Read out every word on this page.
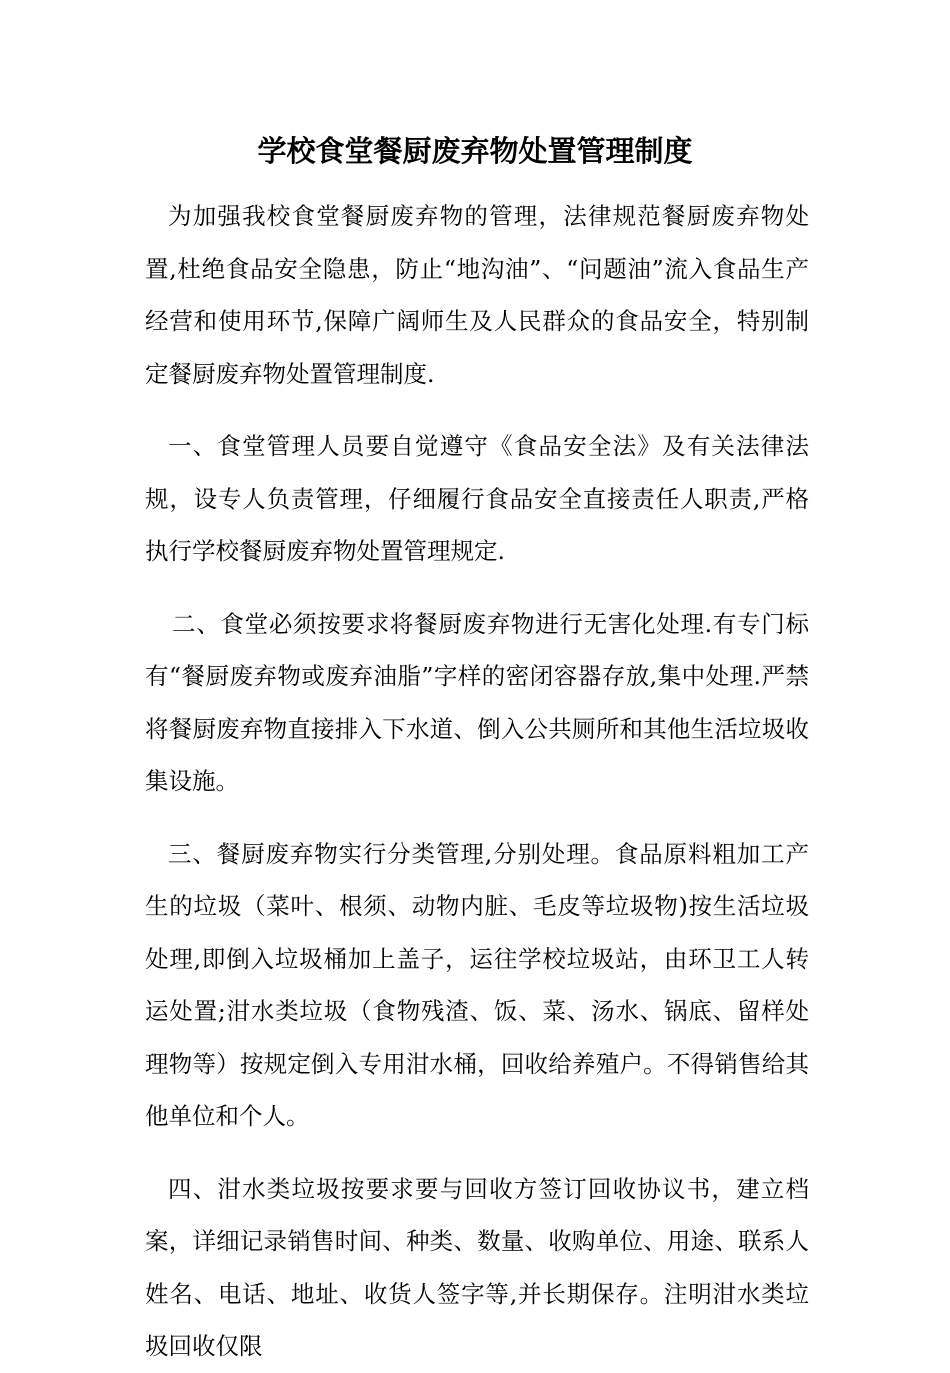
学校食堂餐厨废弃物处置管理制度

为加强我校食堂餐厨废弃物的管理，法律规范餐厨废弃物处置,杜绝食品安全隐患，防止“地沟油”、“问题油”流入食品生产经营和使用环节,保障广阔师生及人民群众的食品安全，特别制定餐厨废弃物处置管理制度.

一、食堂管理人员要自觉遵守《食品安全法》及有关法律法规，设专人负责管理，仔细履行食品安全直接责任人职责,严格执行学校餐厨废弃物处置管理规定.

二、食堂必须按要求将餐厨废弃物进行无害化处理.有专门标有“餐厨废弃物或废弃油脂”字样的密闭容器存放,集中处理.严禁将餐厨废弃物直接排入下水道、倒入公共厕所和其他生活垃圾收集设施。

三、餐厨废弃物实行分类管理,分别处理。食品原料粗加工产生的垃圾（菜叶、根须、动物内脏、毛皮等垃圾物)按生活垃圾处理,即倒入垃圾桶加上盖子，运往学校垃圾站，由环卫工人转运处置;泔水类垃圾（食物残渣、饭、菜、汤水、锅底、留样处理物等）按规定倒入专用泔水桶，回收给养殖户。不得销售给其他单位和个人。

四、泔水类垃圾按要求要与回收方签订回收协议书，建立档案，详细记录销售时间、种类、数量、收购单位、用途、联系人姓名、电话、地址、收货人签字等,并长期保存。注明泔水类垃圾回收仅限
